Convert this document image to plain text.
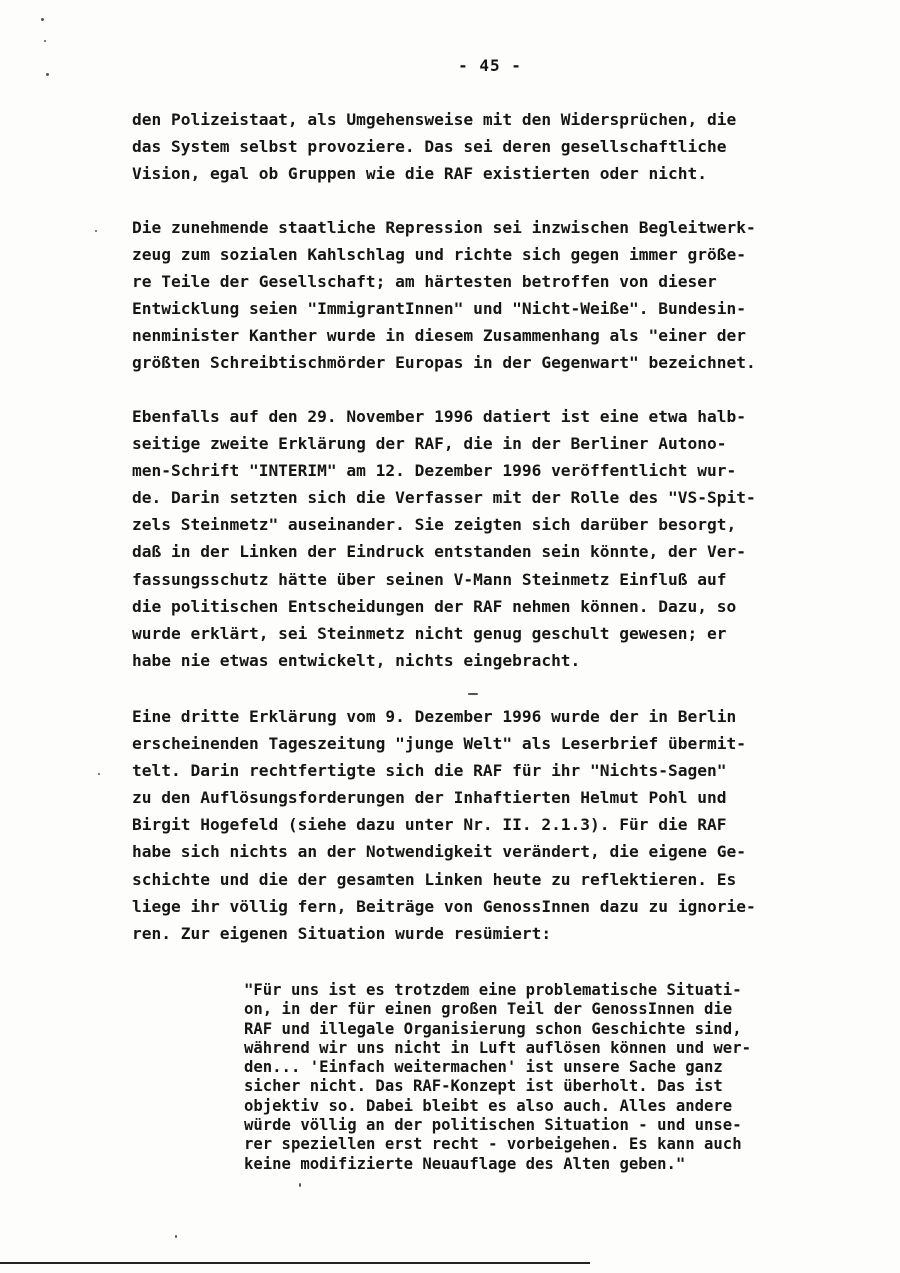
- 45 -
den Polizeistaat, als Umgehensweise mit den Widersprüchen, die
das System selbst provoziere. Das sei deren gesellschaftliche
Vision, egal ob Gruppen wie die RAF existierten oder nicht.
Die zunehmende staatliche Repression sei inzwischen Begleitwerk-
zeug zum sozialen Kahlschlag und richte sich gegen immer größe-
re Teile der Gesellschaft; am härtesten betroffen von dieser
Entwicklung seien "ImmigrantInnen" und "Nicht-Weiße". Bundesin-
nenminister Kanther wurde in diesem Zusammenhang als "einer der
größten Schreibtischmörder Europas in der Gegenwart" bezeichnet.
Ebenfalls auf den 29. November 1996 datiert ist eine etwa halb-
seitige zweite Erklärung der RAF, die in der Berliner Autono-
men-Schrift "INTERIM" am 12. Dezember 1996 veröffentlicht wur-
de. Darin setzten sich die Verfasser mit der Rolle des "VS-Spit-
zels Steinmetz" auseinander. Sie zeigten sich darüber besorgt,
daß in der Linken der Eindruck entstanden sein könnte, der Ver-
fassungsschutz hätte über seinen V-Mann Steinmetz Einfluß auf
die politischen Entscheidungen der RAF nehmen können. Dazu, so
wurde erklärt, sei Steinmetz nicht genug geschult gewesen; er
habe nie etwas entwickelt, nichts eingebracht.
Eine dritte Erklärung vom 9. Dezember 1996 wurde der in Berlin
erscheinenden Tageszeitung "junge Welt" als Leserbrief übermit-
telt. Darin rechtfertigte sich die RAF für ihr "Nichts-Sagen"
zu den Auflösungsforderungen der Inhaftierten Helmut Pohl und
Birgit Hogefeld (siehe dazu unter Nr. II. 2.1.3). Für die RAF
habe sich nichts an der Notwendigkeit verändert, die eigene Ge-
schichte und die der gesamten Linken heute zu reflektieren. Es
liege ihr völlig fern, Beiträge von GenossInnen dazu zu ignorie-
ren. Zur eigenen Situation wurde resümiert:
"Für uns ist es trotzdem eine problematische Situati-
on, in der für einen großen Teil der GenossInnen die
RAF und illegale Organisierung schon Geschichte sind,
während wir uns nicht in Luft auflösen können und wer-
den... 'Einfach weitermachen' ist unsere Sache ganz
sicher nicht. Das RAF-Konzept ist überholt. Das ist
objektiv so. Dabei bleibt es also auch. Alles andere
würde völlig an der politischen Situation - und unse-
rer speziellen erst recht - vorbeigehen. Es kann auch
keine modifizierte Neuauflage des Alten geben."
